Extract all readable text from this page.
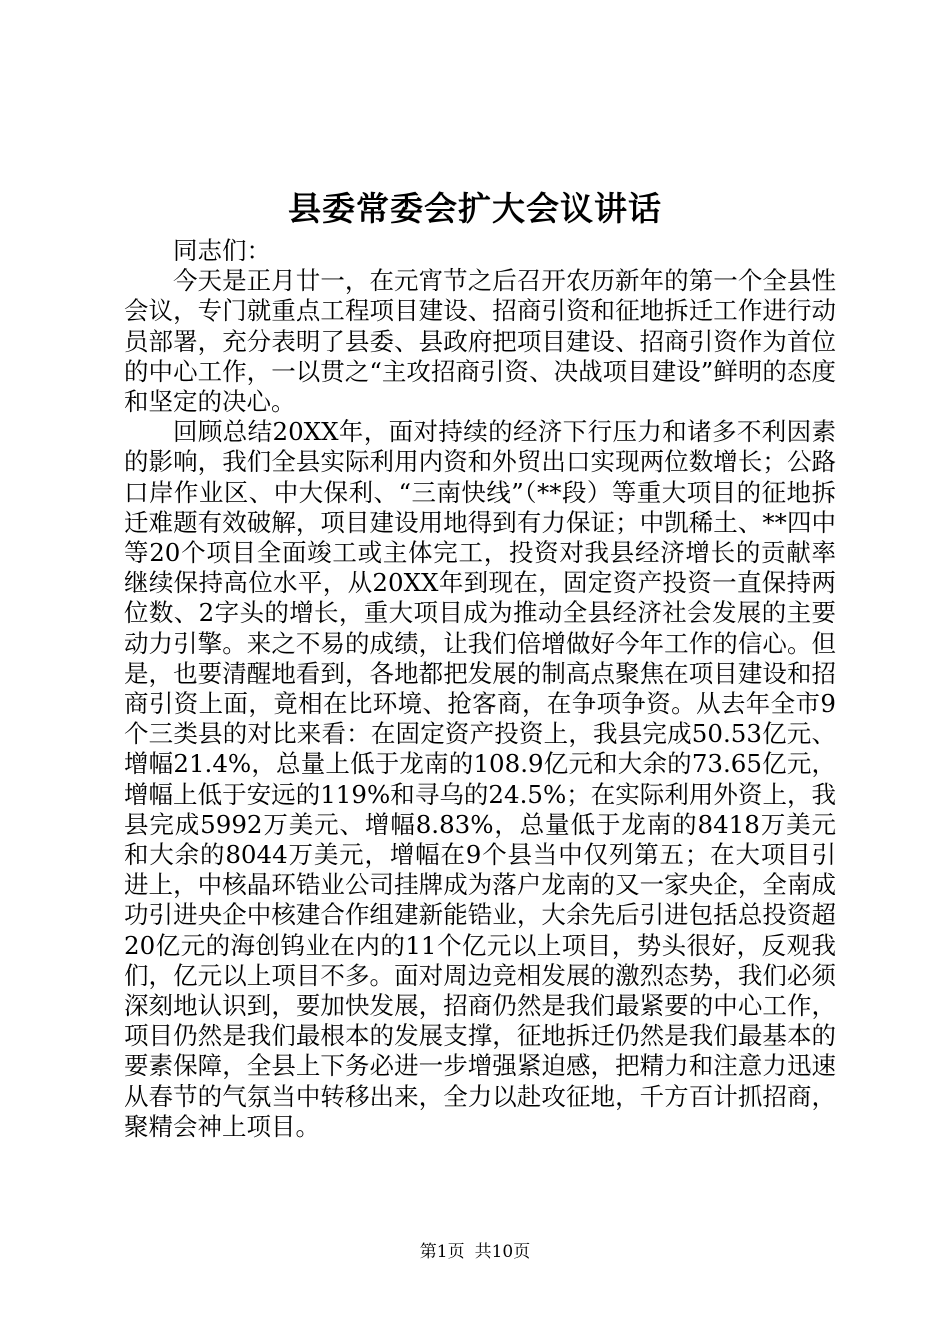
县委常委会扩大会议讲话

同志们：

今天是正月廿一，在元宵节之后召开农历新年的第一个全县性会议，专门就重点工程项目建设、招商引资和征地拆迁工作进行动员部署，充分表明了县委、县政府把项目建设、招商引资作为首位的中心工作，一以贯之“主攻招商引资、决战项目建设”鲜明的态度和坚定的决心。

回顾总结20XX年，面对持续的经济下行压力和诸多不利因素的影响，我们全县实际利用内资和外贸出口实现两位数增长；公路口岸作业区、中大保利、“三南快线”（**段）等重大项目的征地拆迁难题有效破解，项目建设用地得到有力保证；中凯稀土、**四中等20个项目全面竣工或主体完工，投资对我县经济增长的贡献率继续保持高位水平，从20XX年到现在，固定资产投资一直保持两位数、2字头的增长，重大项目成为推动全县经济社会发展的主要动力引擎。来之不易的成绩，让我们倍增做好今年工作的信心。但是，也要清醒地看到，各地都把发展的制高点聚焦在项目建设和招商引资上面，竟相在比环境、抢客商，在争项争资。从去年全市9个三类县的对比来看：在固定资产投资上，我县完成50.53亿元、增幅21.4%，总量上低于龙南的108.9亿元和大余的73.65亿元，增幅上低于安远的119%和寻乌的24.5%；在实际利用外资上，我县完成5992万美元、增幅8.83%，总量低于龙南的8418万美元和大余的8044万美元，增幅在9个县当中仅列第五；在大项目引进上，中核晶环锆业公司挂牌成为落户龙南的又一家央企，全南成功引进央企中核建合作组建新能锆业，大余先后引进包括总投资超20亿元的海创钨业在内的11个亿元以上项目，势头很好，反观我们，亿元以上项目不多。面对周边竞相发展的激烈态势，我们必须深刻地认识到，要加快发展，招商仍然是我们最紧要的中心工作，项目仍然是我们最根本的发展支撑，征地拆迁仍然是我们最基本的要素保障，全县上下务必进一步增强紧迫感，把精力和注意力迅速从春节的气氛当中转移出来，全力以赴攻征地，千方百计抓招商，聚精会神上项目。

第1页 共10页
